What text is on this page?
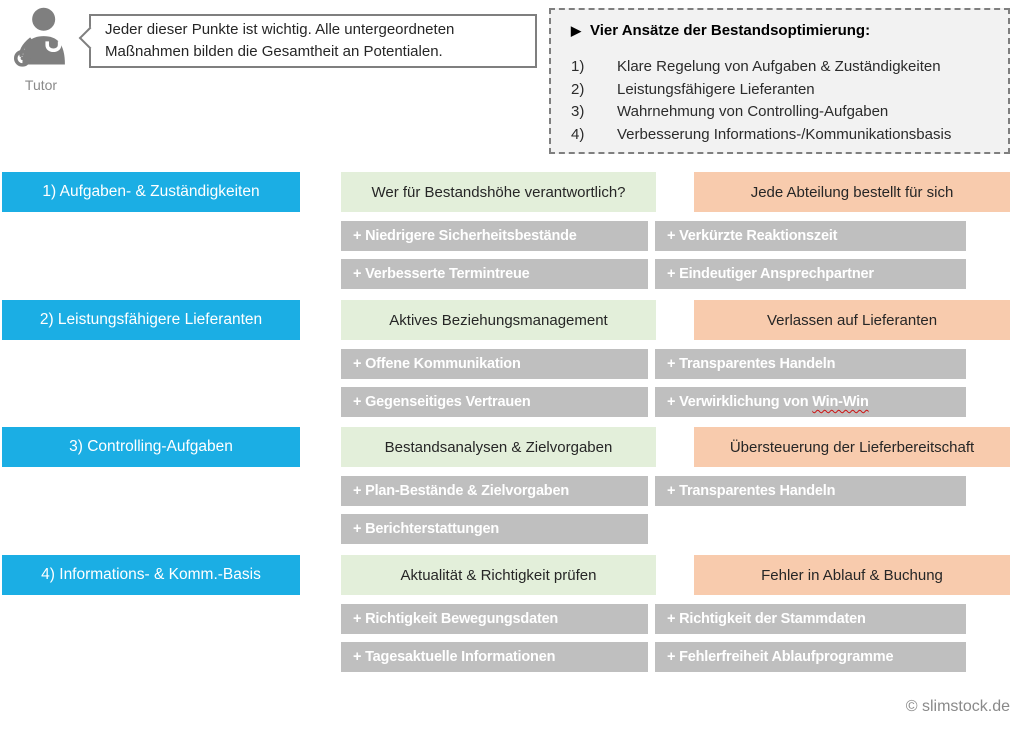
Tutor
Jeder dieser Punkte ist wichtig. Alle untergeordneten Maßnahmen bilden die Gesamtheit an Potentialen.
▶ Vier Ansätze der Bestandsoptimierung:
1)	Klare Regelung von Aufgaben & Zuständigkeiten
2)	Leistungsfähigere Lieferanten
3)	Wahrnehmung von Controlling-Aufgaben
4)	Verbesserung Informations-/Kommunikationsbasis
1) Aufgaben- & Zuständigkeiten	Wer für Bestandshöhe verantwortlich?	Jede Abteilung bestellt für sich
+ Niedrigere Sicherheitsbestände	+ Verkürzte Reaktionszeit
+ Verbesserte Termintreue	+ Eindeutiger Ansprechpartner
2) Leistungsfähigere Lieferanten	Aktives Beziehungsmanagement	Verlassen auf Lieferanten
+ Offene Kommunikation	+ Transparentes Handeln
+ Gegenseitiges Vertrauen	+ Verwirklichung von Win-Win
3) Controlling-Aufgaben	Bestandsanalysen & Zielvorgaben	Übersteuerung der Lieferbereitschaft
+ Plan-Bestände & Zielvorgaben	+ Transparentes Handeln
+ Berichterstattungen
4) Informations- & Komm.-Basis	Aktualität & Richtigkeit prüfen	Fehler in Ablauf & Buchung
+ Richtigkeit Bewegungsdaten	+ Richtigkeit der Stammdaten
+ Tagesaktuelle Informationen	+ Fehlerfreiheit Ablaufprogramme
© slimstock.de
